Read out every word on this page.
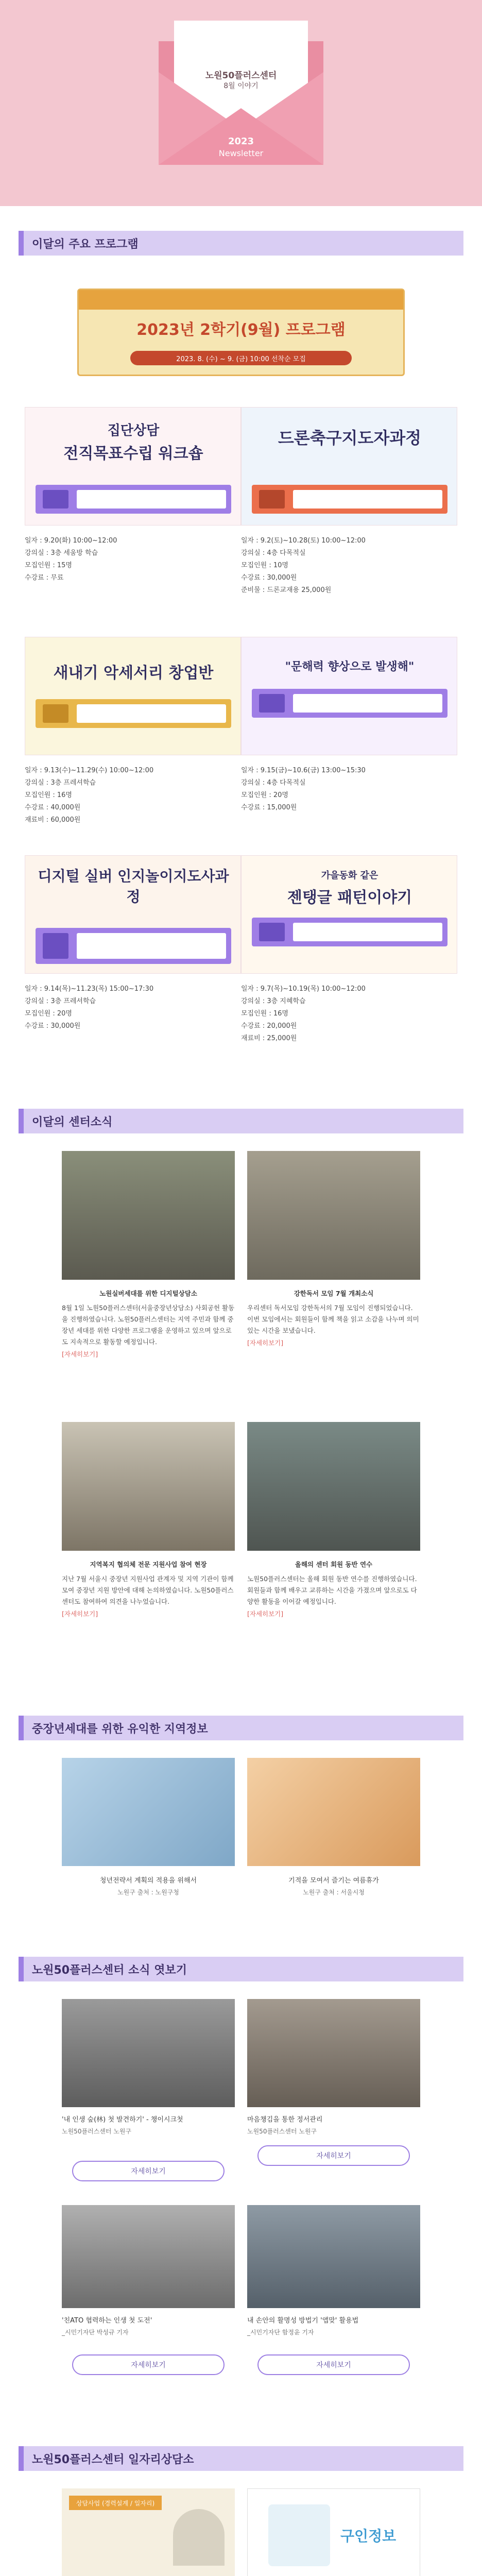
노원50플러스센터
8월 이야기
2023
Newsletter
이달의 주요 프로그램
2023년 2학기(9월) 프로그램
2023. 8. (수) ~ 9. (금) 10:00 선착순 모집
집단상담
전직목표수립 워크숍
일자 : 9.20(화) 10:00~12:00
강의실 : 3층 세움방 학습
모집인원 : 15명
수강료 : 무료
드론축구지도자과정
일자 : 9.2(토)~10.28(토) 10:00~12:00
강의실 : 4층 다목적실
모집인원 : 10명
수강료 : 30,000원
준비물 : 드론교재용 25,000원
새내기 악세서리 창업반
일자 : 9.13(수)~11.29(수) 10:00~12:00
강의실 : 3층 프레셔학습
모집인원 : 16명
수강료 : 40,000원
재료비 : 60,000원
"문해력 향상으로 발생해"
일자 : 9.15(금)~10.6(금) 13:00~15:30
강의실 : 4층 다목적실
모집인원 : 20명
수강료 : 15,000원
디지털 실버 인지놀이지도사과정
일자 : 9.14(목)~11.23(목) 15:00~17:30
강의실 : 3층 프레셔학습
모집인원 : 20명
수강료 : 30,000원
가을동화 같은
젠탱글 패턴이야기
일자 : 9.7(목)~10.19(목) 10:00~12:00
강의실 : 3층 지혜학습
모집인원 : 16명
수강료 : 20,000원
재료비 : 25,000원
이달의 센터소식
노원실버세대를 위한 디지털상담소
8월 1일 노원50플러스센터(서울중장년상담소) 사회공헌 활동을 진행하였습니다. 노원50플러스센터는 지역 주민과 함께 중장년 세대를 위한 다양한 프로그램을 운영하고 있으며 앞으로도 지속적으로 활동할 예정입니다.
[자세히보기]
강한독서 모임 7월 개최소식
우리센터 독서모임 강한독서의 7월 모임이 진행되었습니다. 이번 모임에서는 회원들이 함께 책을 읽고 소감을 나누며 의미 있는 시간을 보냈습니다.
[자세히보기]
지역복지 협의체 전문 지원사업 참여 현장
지난 7월 서울시 중장년 지원사업 관계자 및 지역 기관이 함께 모여 중장년 지원 방안에 대해 논의하였습니다. 노원50플러스센터도 참여하여 의견을 나누었습니다.
[자세히보기]
올해의 센터 회원 동반 연수
노원50플러스센터는 올해 회원 동반 연수를 진행하였습니다. 회원들과 함께 배우고 교류하는 시간을 가졌으며 앞으로도 다양한 활동을 이어갈 예정입니다.
[자세히보기]
중장년세대를 위한 유익한 지역정보
청년전략서 계획의 적용을 위해서
노원구 출처 : 노원구청
기적을 모여서 즐기는 여름휴가
노원구 출처 : 서울시청
노원50플러스센터 소식 엿보기
'내 인생 숲(林) 첫 발견하기' - 챙이시크첫
노원50플러스센터 노원구
마음챙김을 통한 정서관리
노원50플러스센터 노원구
자세히보기
자세히보기
'친ATO 협력하는 인생 첫 도전'
_시민기자단 박성규 기자
내 손안의 활명성 방법기 '앱맞' 활용법
_시민기자단 함정윤 기자
자세히보기	자세히보기
노원50플러스센터 일자리상담소
상담사업 (경력설계 / 일자리)
구인정보
